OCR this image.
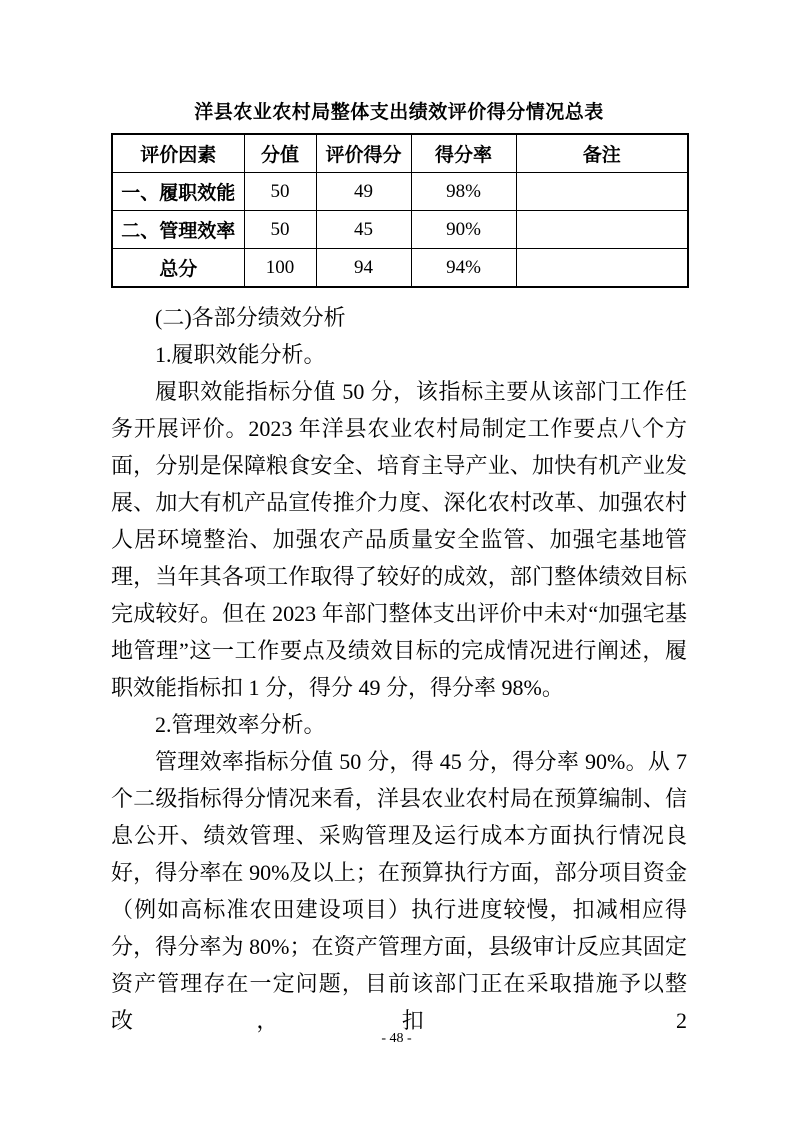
洋县农业农村局整体支出绩效评价得分情况总表
评价因素	分值	评价得分	得分率	备注
一、履职效能	50	49	98%	
二、管理效率	50	45	90%	
总分	100	94	94%	

(二)各部分绩效分析

1.履职效能分析。

履职效能指标分值 50 分，该指标主要从该部门工作任务开展评价。2023 年洋县农业农村局制定工作要点八个方面，分别是保障粮食安全、培育主导产业、加快有机产业发展、加大有机产品宣传推介力度、深化农村改革、加强农村人居环境整治、加强农产品质量安全监管、加强宅基地管理，当年其各项工作取得了较好的成效，部门整体绩效目标完成较好。但在 2023 年部门整体支出评价中未对“加强宅基地管理”这一工作要点及绩效目标的完成情况进行阐述，履职效能指标扣 1 分，得分 49 分，得分率 98%。

2.管理效率分析。

管理效率指标分值 50 分，得 45 分，得分率 90%。从 7 个二级指标得分情况来看，洋县农业农村局在预算编制、信息公开、绩效管理、采购管理及运行成本方面执行情况良好，得分率在 90%及以上；在预算执行方面，部分项目资金（例如高标准农田建设项目）执行进度较慢，扣减相应得分，得分率为 80%；在资产管理方面，县级审计反应其固定资产管理存在一定问题，目前该部门正在采取措施予以整改，扣 2

- 48 -
